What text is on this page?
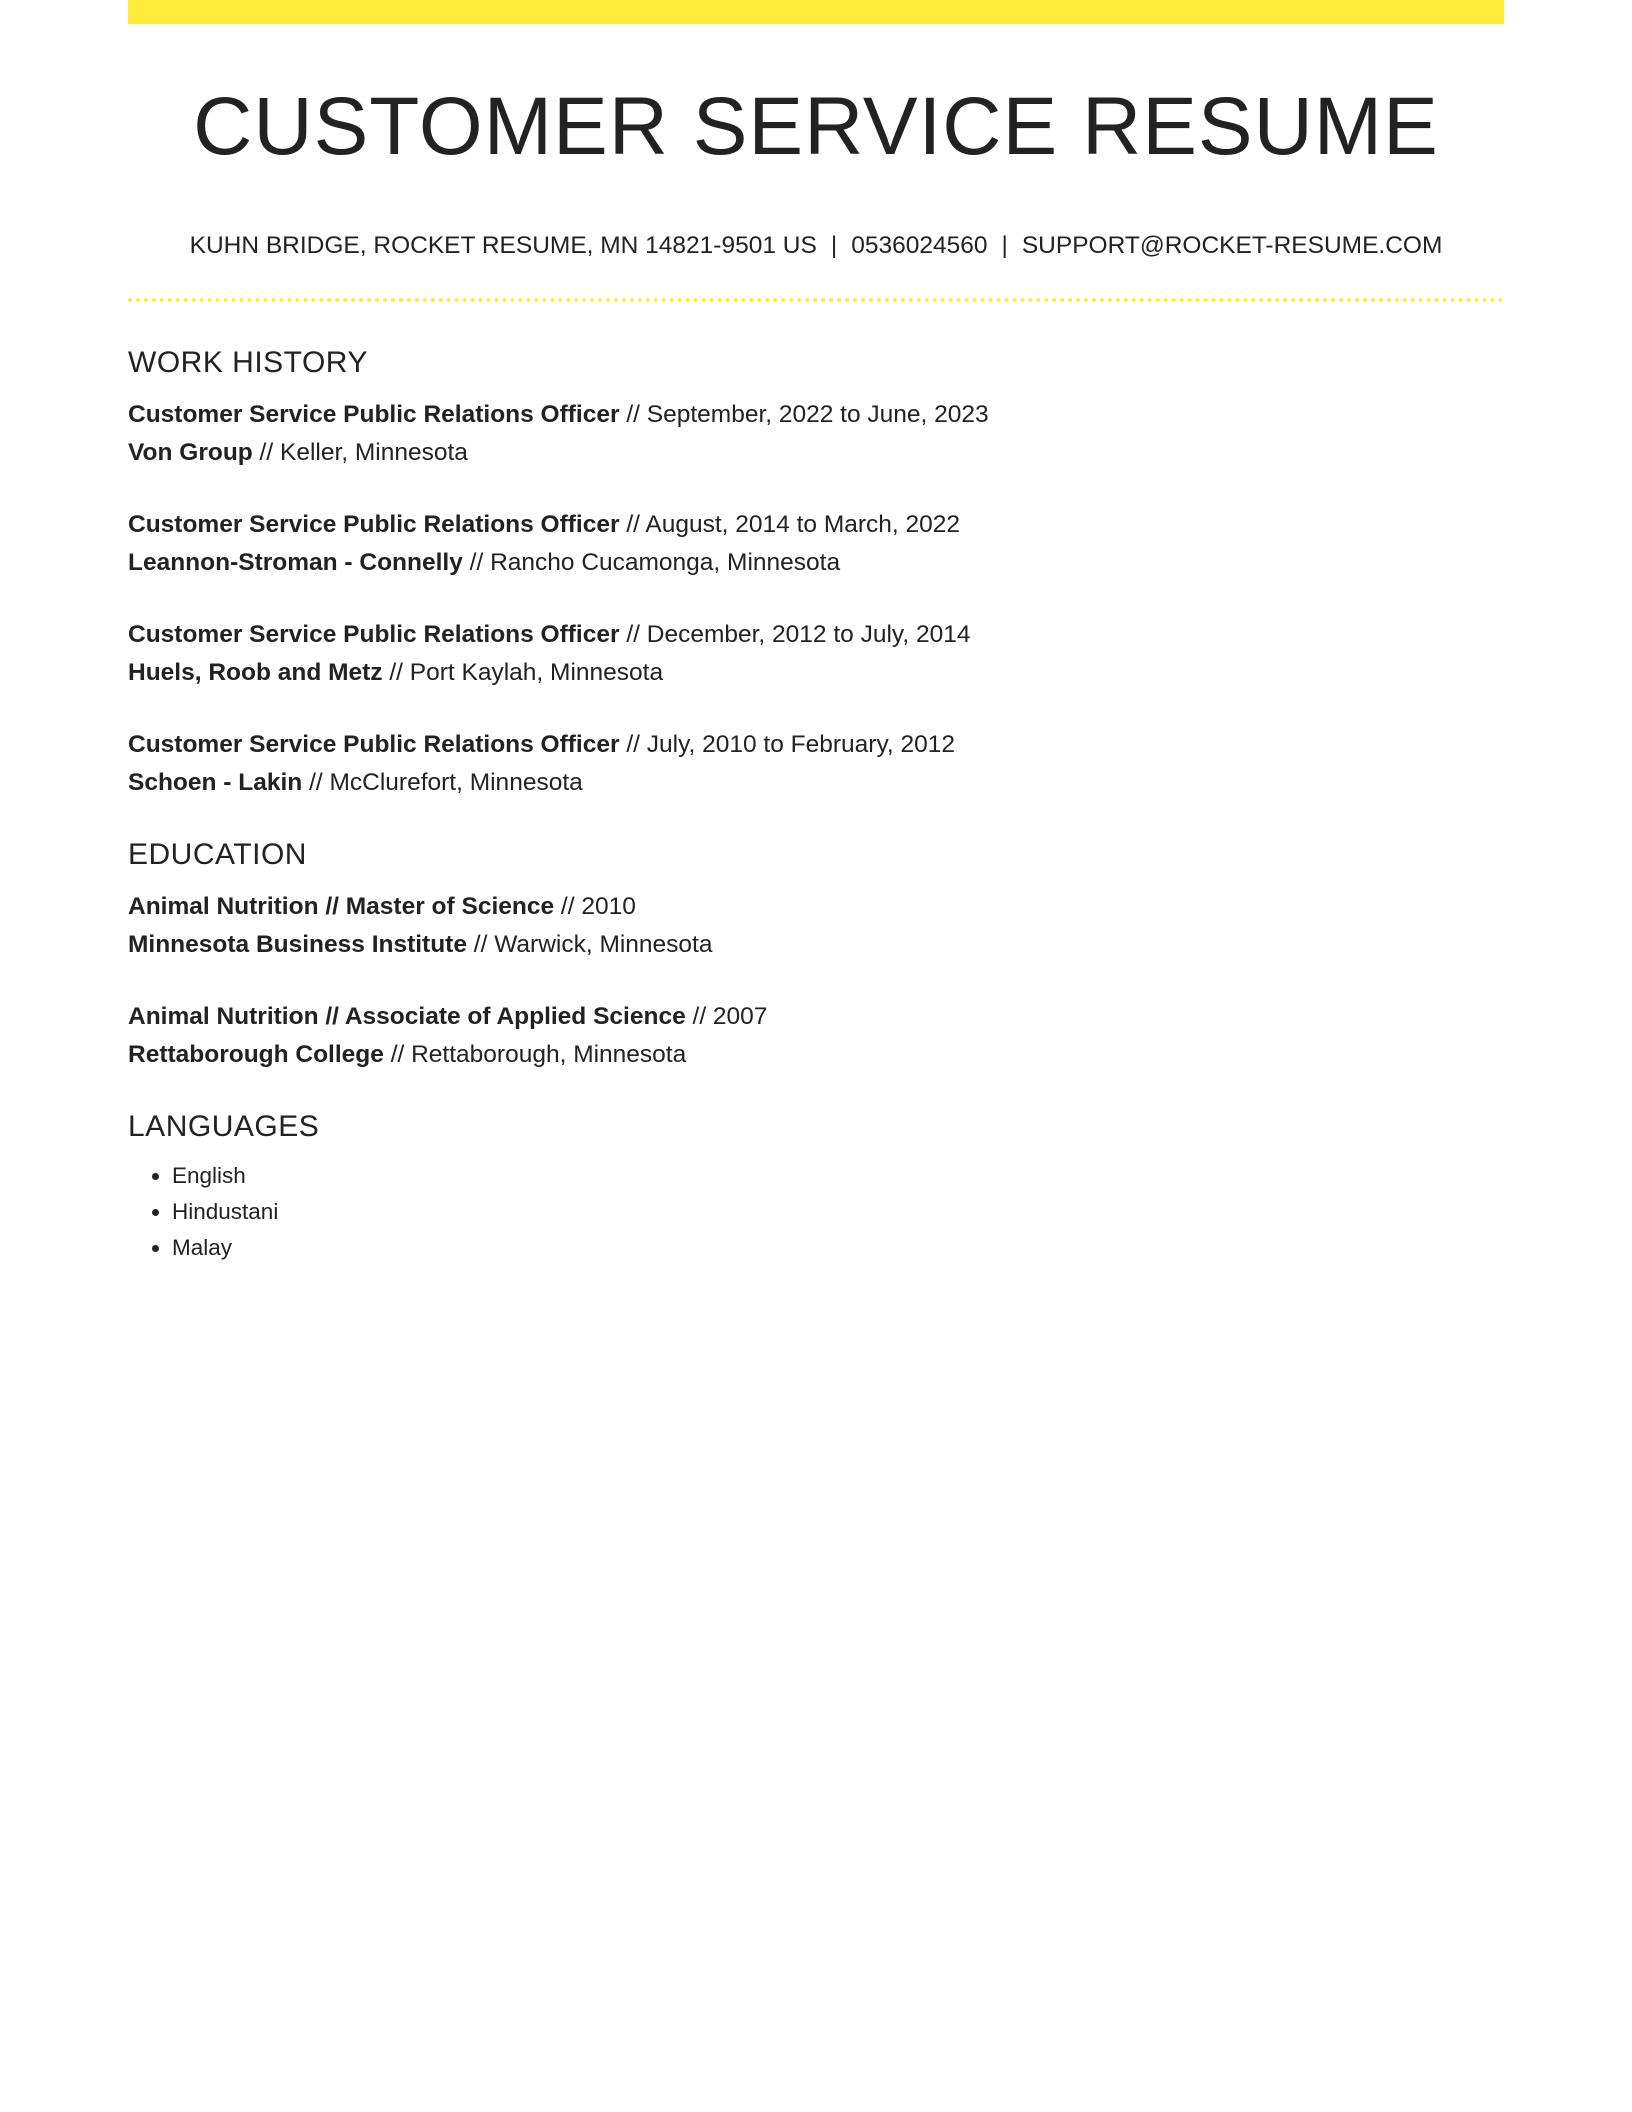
CUSTOMER SERVICE RESUME
KUHN BRIDGE, ROCKET RESUME, MN 14821-9501 US | 0536024560 | SUPPORT@ROCKET-RESUME.COM
WORK HISTORY
Customer Service Public Relations Officer // September, 2022 to June, 2023
Von Group // Keller, Minnesota
Customer Service Public Relations Officer // August, 2014 to March, 2022
Leannon-Stroman - Connelly // Rancho Cucamonga, Minnesota
Customer Service Public Relations Officer // December, 2012 to July, 2014
Huels, Roob and Metz // Port Kaylah, Minnesota
Customer Service Public Relations Officer // July, 2010 to February, 2012
Schoen - Lakin // McClurefort, Minnesota
EDUCATION
Animal Nutrition // Master of Science // 2010
Minnesota Business Institute // Warwick, Minnesota
Animal Nutrition // Associate of Applied Science // 2007
Rettaborough College // Rettaborough, Minnesota
LANGUAGES
• English
• Hindustani
• Malay
